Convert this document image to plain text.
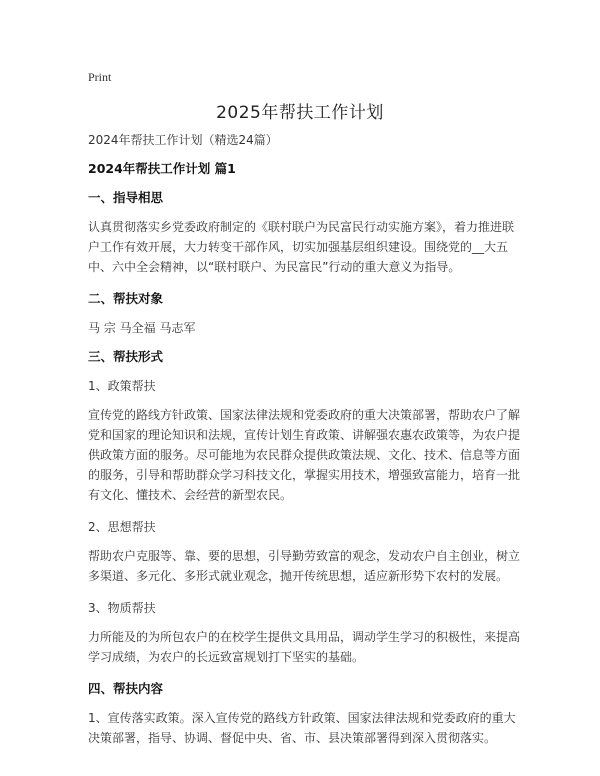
Print
2025年帮扶工作计划

2024年帮扶工作计划（精选24篇）

2024年帮扶工作计划 篇1

一、指导相思

认真贯彻落实乡党委政府制定的《联村联户为民富民行动实施方案》，着力推进联户工作有效开展，大力转变干部作风，切实加强基层组织建设。围绕党的__大五中、六中全会精神，以“联村联户、为民富民”行动的重大意义为指导。

二、帮扶对象

马 宗 马全福 马志军

三、帮扶形式

1、政策帮扶

宣传党的路线方针政策、国家法律法规和党委政府的重大决策部署，帮助农户了解党和国家的理论知识和法规，宣传计划生育政策、讲解强农惠农政策等，为农户提供政策方面的服务。尽可能地为农民群众提供政策法规、文化、技术、信息等方面的服务，引导和帮助群众学习科技文化，掌握实用技术，增强致富能力，培育一批有文化、懂技术、会经营的新型农民。

2、思想帮扶

帮助农户克服等、靠、要的思想，引导勤劳致富的观念，发动农户自主创业，树立多渠道、多元化、多形式就业观念，抛开传统思想，适应新形势下农村的发展。

3、物质帮扶

力所能及的为所包农户的在校学生提供文具用品，调动学生学习的积极性，来提高学习成绩，为农户的长远致富规划打下坚实的基础。

四、帮扶内容

1、宣传落实政策。深入宣传党的路线方针政策、国家法律法规和党委政府的重大决策部署，指导、协调、督促中央、省、市、县决策部署得到深入贯彻落实。
